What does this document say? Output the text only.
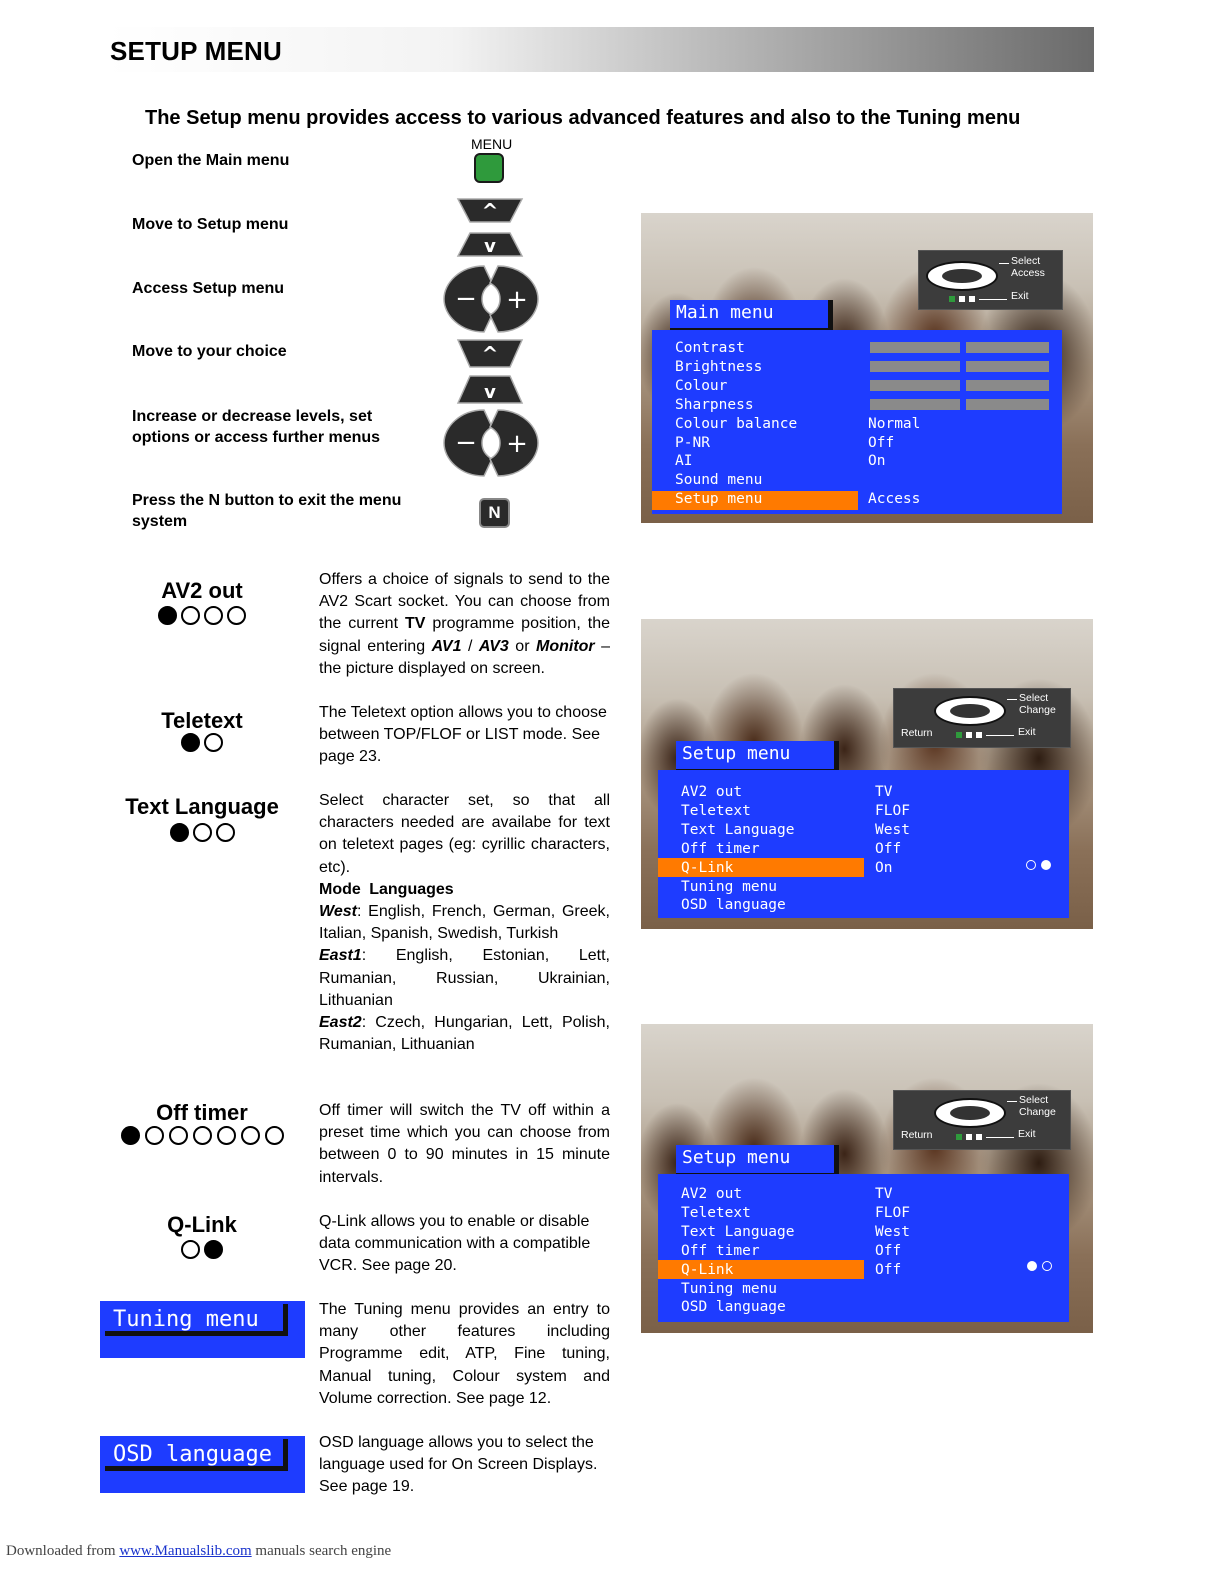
SETUP MENU
The Setup menu provides access to various advanced features and also to the Tuning menu
Open the Main menu
Move to Setup menu
Access Setup menu
Move to your choice
Increase or decrease levels, set options or access further menus
Press the N button to exit the menu system
MENU
^
v
− +
^
v
− +
N
AV2 out	Offers a choice of signals to send to the AV2 Scart socket. You can choose from the current TV programme position, the signal entering AV1 / AV3 or Monitor – the picture displayed on screen.
Teletext	The Teletext option allows you to choose between TOP/FLOF or LIST mode. See page 23.
Text Language	Select character set, so that all characters needed are availabe for text on teletext pages (eg: cyrillic characters, etc).
Mode Languages
West: English, French, German, Greek, Italian, Spanish, Swedish, Turkish
East1: English, Estonian, Lett, Rumanian, Russian, Ukrainian, Lithuanian
East2: Czech, Hungarian, Lett, Polish, Rumanian, Lithuanian
Off timer	Off timer will switch the TV off within a preset time which you can choose from between 0 to 90 minutes in 15 minute intervals.
Q-Link	Q-Link allows you to enable or disable data communication with a compatible VCR. See page 20.
Tuning menu	The Tuning menu provides an entry to many other features including Programme edit, ATP, Fine tuning, Manual tuning, Colour system and Volume correction. See page 12.
OSD language	OSD language allows you to select the language used for On Screen Displays. See page 19.
Select
Access
Exit
Main menu
Contrast
Brightness
Colour
Sharpness
Colour balance	Normal
P-NR	Off
AI	On
Sound menu
Setup menu	Access
Select
Change
Return	Exit
Setup menu
AV2 out	TV
Teletext	FLOF
Text Language	West
Off timer	Off
Q-Link	On
Tuning menu
OSD language
Select
Change
Return	Exit
Setup menu
AV2 out	TV
Teletext	FLOF
Text Language	West
Off timer	Off
Q-Link	Off
Tuning menu
OSD language
Downloaded from www.Manualslib.com manuals search engine
